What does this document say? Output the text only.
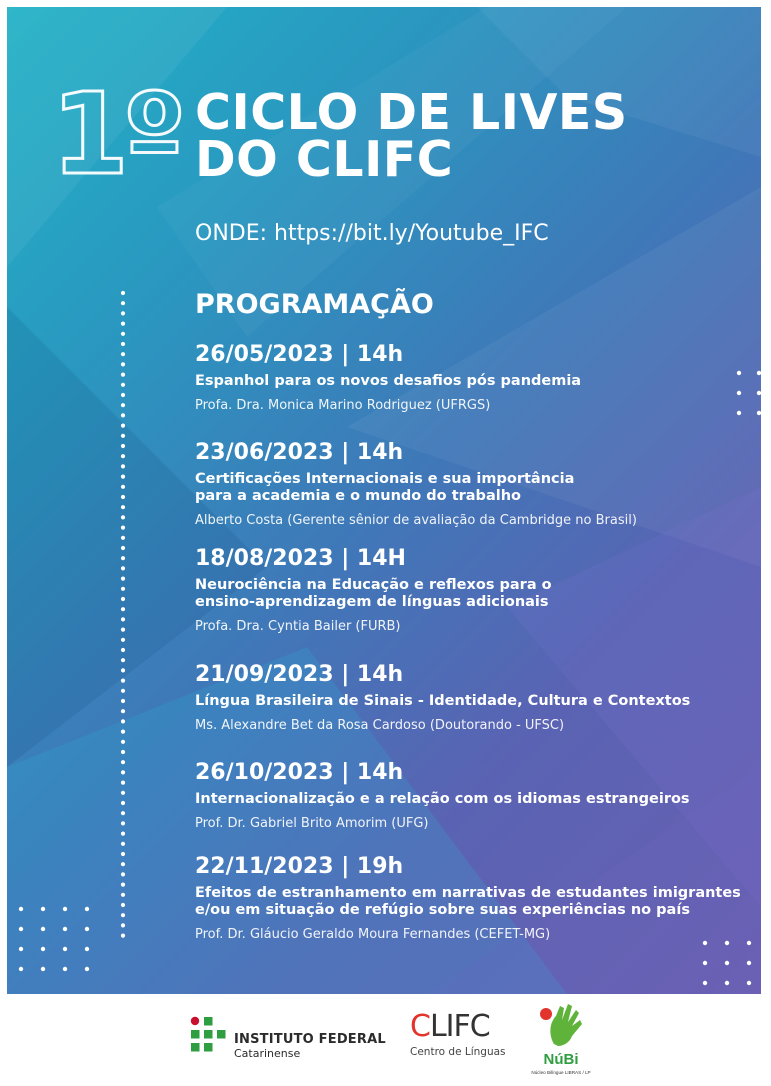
1º CICLO DE LIVES
DO CLIFC
ONDE: https://bit.ly/Youtube_IFC
PROGRAMAÇÃO
26/05/2023 | 14h
Espanhol para os novos desafios pós pandemia
Profa. Dra. Monica Marino Rodriguez (UFRGS)
23/06/2023 | 14h
Certificações Internacionais e sua importância
para a academia e o mundo do trabalho
Alberto Costa (Gerente sênior de avaliação da Cambridge no Brasil)
18/08/2023 | 14H
Neurociência na Educação e reflexos para o
ensino-aprendizagem de línguas adicionais
Profa. Dra. Cyntia Bailer (FURB)
21/09/2023 | 14h
Língua Brasileira de Sinais - Identidade, Cultura e Contextos
Ms. Alexandre Bet da Rosa Cardoso (Doutorando - UFSC)
26/10/2023 | 14h
Internacionalização e a relação com os idiomas estrangeiros
Prof. Dr. Gabriel Brito Amorim (UFG)
22/11/2023 | 19h
Efeitos de estranhamento em narrativas de estudantes imigrantes
e/ou em situação de refúgio sobre suas experiências no país
Prof. Dr. Gláucio Geraldo Moura Fernandes (CEFET-MG)
INSTITUTO FEDERAL
Catarinense
CLIFC
Centro de Línguas	NúBi
Núcleo Bilíngue LIBRAS / LP
